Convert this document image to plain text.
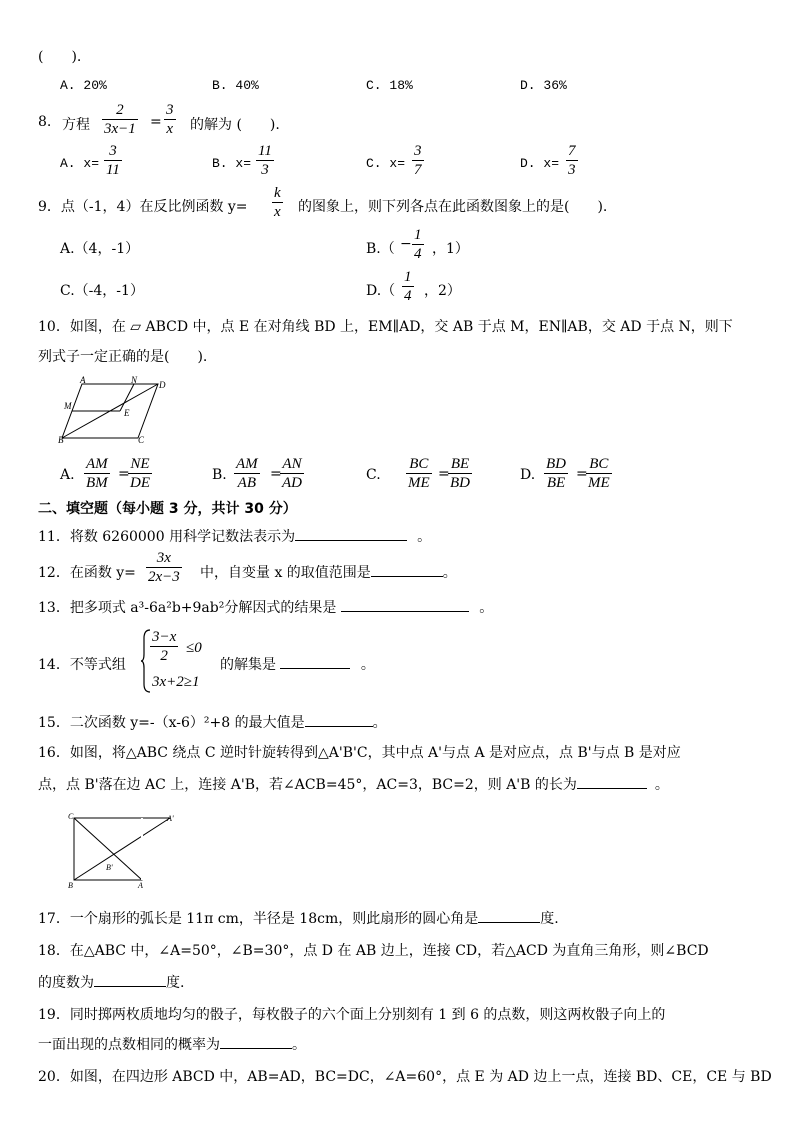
(　　).
A. 20%	B. 40%	C. 18%	D. 36%
8. 方程 $\frac{2}{3x-1} = \frac{3}{x}$ 的解为 (　　).
A. $x= \frac{3}{11}$	B. $x= \frac{11}{3}$	C. $x= \frac{3}{7}$	D. $x= \frac{7}{3}$
9．点（-1，4）在反比例函数 $y= \frac{k}{x}$ 的图象上，则下列各点在此函数图象上的是(　　).
A.（4，-1）	$B.( - \frac{1}{4}$ ，1）
C.（-4，-1）	$D.( \frac{1}{4}$ ，2）
10．如图，在 ▱ ABCD 中，点 E 在对角线 BD 上，EM∥AD，交 AB 于点 M，EN∥AB，交 AD 于点 N，则下
列式子一定正确的是(　　).
A	N D
M
E
B	C
A. $\frac{AM}{BM}$ =
$\frac{NE}{DE}$	B. $\frac{AM}{AB}$ =
$\frac{AN}{AD}$	C. $\frac{BC}{ME}$ =
$\frac{BE}{BD}$	D. $\frac{BD}{BE}$ =
$\frac{BC}{ME}$
二、填空题（每小题 3 分，共计 30 分）
11．将数 6260000 用科学记数法表示为	。
12．在函数 $y= \frac{3x}{2x-3}$ 中，自变量 x 的取值范围是	。
13．把多项式 a³-6a²b+9ab²分解因式的结果是	。
14．不等式组 $\frac{3-x}{2} \le 0$
3x+2≥1
的解集是	。
15．二次函数 y=-（x-6）²+8 的最大值是	。
16．如图，将△ABC 绕点 C 逆时针旋转得到△A'B'C，其中点 A'与点 A 是对应点，点 B'与点 B 是对应
点，点 B'落在边 AC 上，连接 A'B，若∠ACB=45°，AC=3，BC=2，则 A'B 的长为	。
C	A'
B'
B	A
17．一个扇形的弧长是 11π cm，半径是 18cm，则此扇形的圆心角是	度.
18．在△ABC 中，∠A=50°，∠B=30°，点 D 在 AB 边上，连接 CD，若△ACD 为直角三角形，则∠BCD
的度数为	度.
19．同时掷两枚质地均匀的骰子，每枚骰子的六个面上分别刻有 1 到 6 的点数，则这两枚骰子向上的
一面出现的点数相同的概率为	。
20．如图，在四边形 ABCD 中，AB=AD，BC=DC，∠A=60°，点 E 为 AD 边上一点，连接 BD、CE，CE 与 BD
